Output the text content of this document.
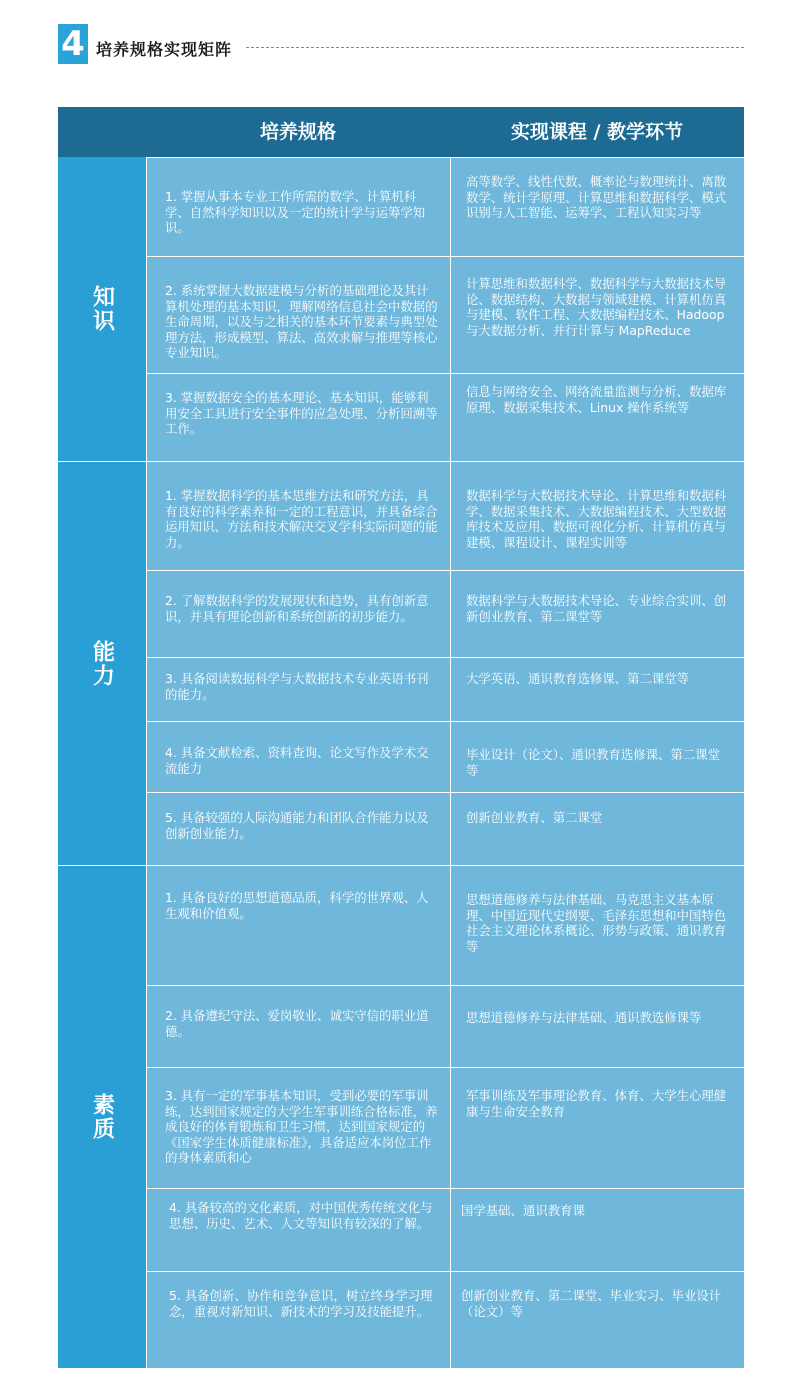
4 培养规格实现矩阵
培养规格	实现课程 / 教学环节
知识
能力
素质
1. 掌握从事本专业工作所需的数学、计算机科学、自然科学知识以及一定的统计学与运筹学知识。
高等数学、线性代数、概率论与数理统计、离散数学、统计学原理、计算思维和数据科学、模式识别与人工智能、运筹学、工程认知实习等
2. 系统掌握大数据建模与分析的基础理论及其计算机处理的基本知识，理解网络信息社会中数据的生命周期，以及与之相关的基本环节要素与典型处理方法，形成模型、算法、高效求解与推理等核心专业知识。
计算思维和数据科学、数据科学与大数据技术导论、数据结构、大数据与领域建模、计算机仿真与建模、软件工程、大数据编程技术、Hadoop 与大数据分析、并行计算与 MapReduce
3. 掌握数据安全的基本理论、基本知识，能够利用安全工具进行安全事件的应急处理、分析回溯等工作。
信息与网络安全、网络流量监测与分析、数据库原理、数据采集技术、Linux 操作系统等
1. 掌握数据科学的基本思维方法和研究方法，具有良好的科学素养和一定的工程意识，并具备综合运用知识、方法和技术解决交叉学科实际问题的能力。
数据科学与大数据技术导论、计算思维和数据科学、数据采集技术、大数据编程技术、大型数据库技术及应用、数据可视化分析、计算机仿真与建模、课程设计、课程实训等
2. 了解数据科学的发展现状和趋势，具有创新意识，并具有理论创新和系统创新的初步能力。
数据科学与大数据技术导论、专业综合实训、创新创业教育、第二课堂等
3. 具备阅读数据科学与大数据技术专业英语书刊的能力。
大学英语、通识教育选修课、第二课堂等
4. 具备文献检索、资料查询、论文写作及学术交流能力
毕业设计（论文）、通识教育选修课、第二课堂等
5. 具备较强的人际沟通能力和团队合作能力以及创新创业能力。
创新创业教育、第二课堂
1. 具备良好的思想道德品质，科学的世界观、人生观和价值观。
思想道德修养与法律基础、马克思主义基本原理、中国近现代史纲要、毛泽东思想和中国特色社会主义理论体系概论、形势与政策、通识教育等
2. 具备遵纪守法、爱岗敬业、诚实守信的职业道德。
思想道德修养与法律基础、通识教选修课等
3. 具有一定的军事基本知识，受到必要的军事训练，达到国家规定的大学生军事训练合格标准，养成良好的体育锻炼和卫生习惯，达到国家规定的《国家学生体质健康标准》，具备适应本岗位工作的身体素质和心
军事训练及军事理论教育、体育、大学生心理健康与生命安全教育
4. 具备较高的文化素质，对中国优秀传统文化与思想、历史、艺术、人文等知识有较深的了解。
国学基础、通识教育课
5. 具备创新、协作和竞争意识，树立终身学习理念，重视对新知识、新技术的学习及技能提升。
创新创业教育、第二课堂、毕业实习、毕业设计（论文）等
